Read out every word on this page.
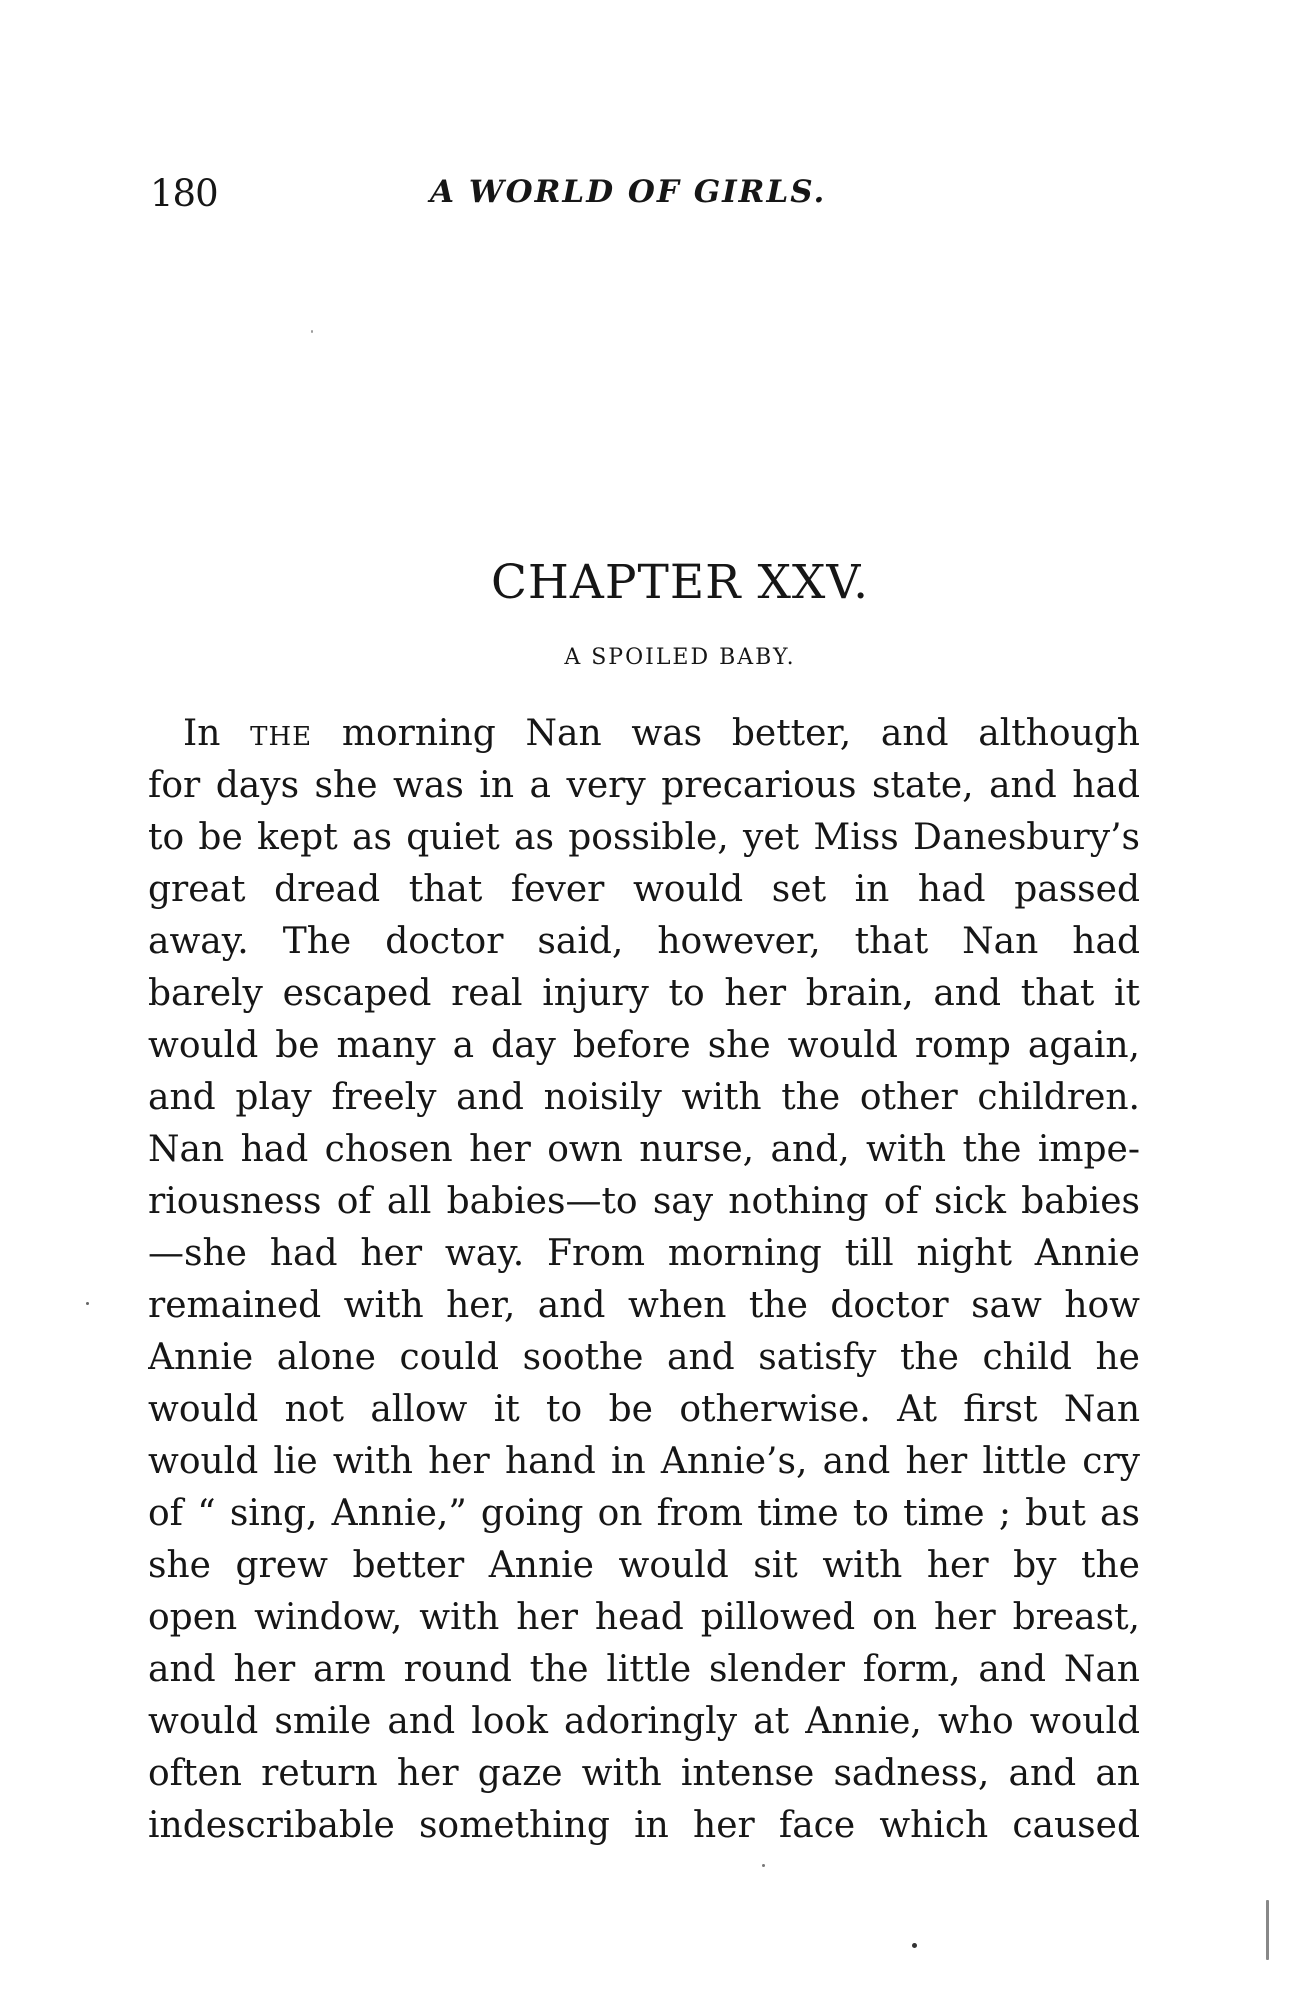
180	A WORLD OF GIRLS.
CHAPTER XXV.
A SPOILED BABY.
In THE morning Nan was better, and although
for days she was in a very precarious state, and had
to be kept as quiet as possible, yet Miss Danesbury’s
great dread that fever would set in had passed
away. The doctor said, however, that Nan had
barely escaped real injury to her brain, and that it
would be many a day before she would romp again,
and play freely and noisily with the other children.
Nan had chosen her own nurse, and, with the impe-
riousness of all babies—to say nothing of sick babies
—she had her way. From morning till night Annie
remained with her, and when the doctor saw how
Annie alone could soothe and satisfy the child he
would not allow it to be otherwise. At first Nan
would lie with her hand in Annie’s, and her little cry
of “ sing, Annie,” going on from time to time ; but as
she grew better Annie would sit with her by the
open window, with her head pillowed on her breast,
and her arm round the little slender form, and Nan
would smile and look adoringly at Annie, who would
often return her gaze with intense sadness, and an
indescribable something in her face which caused
